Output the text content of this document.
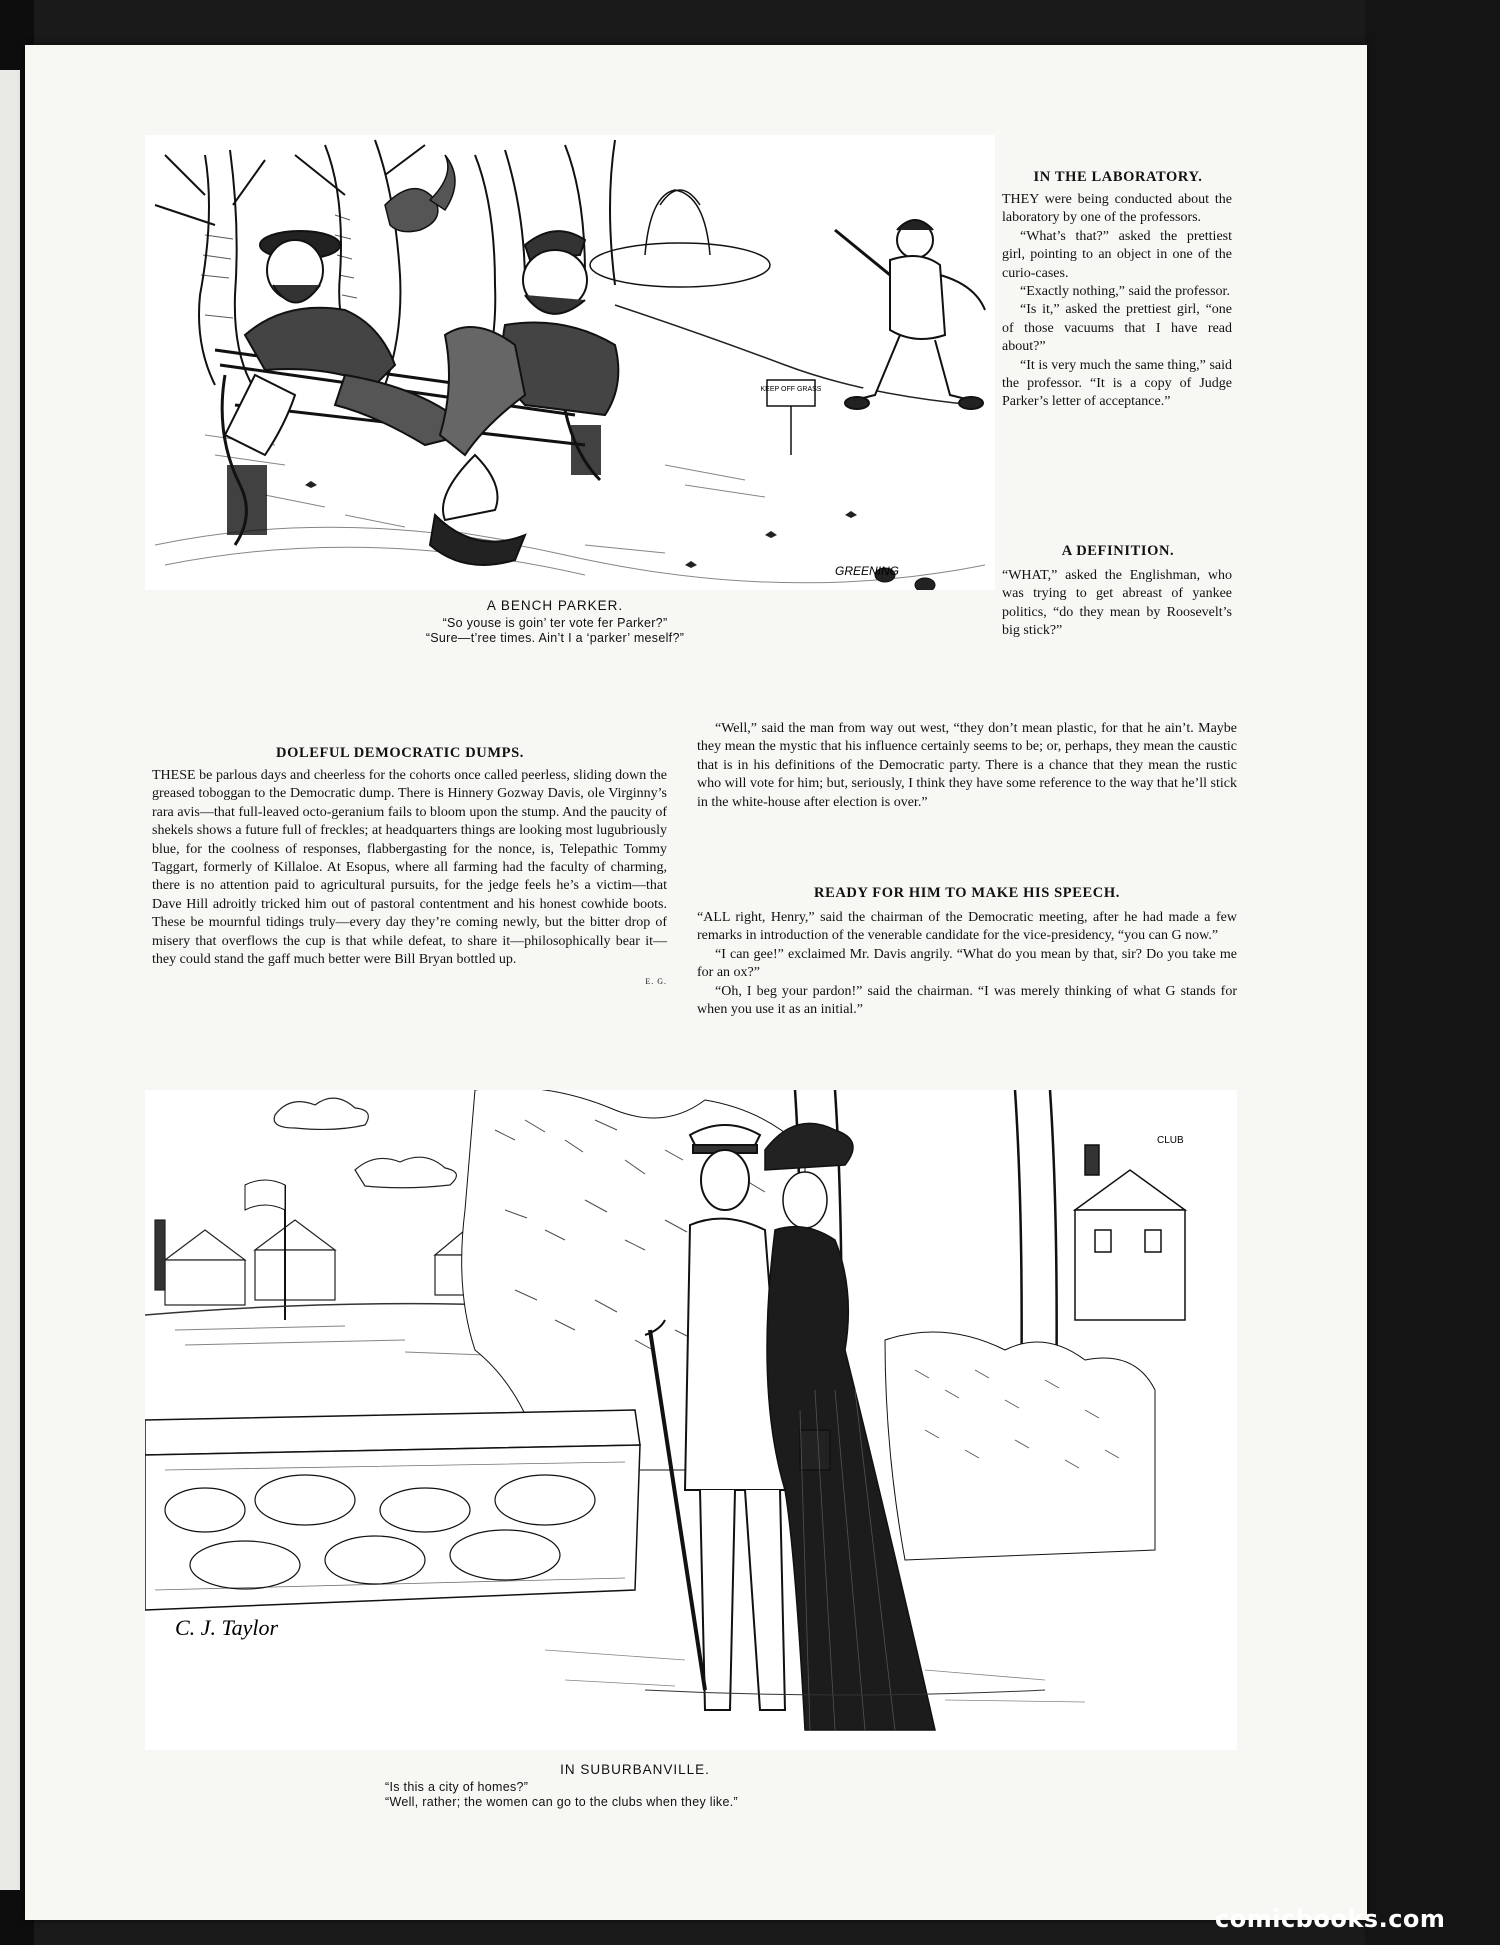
KEEP OFF GRASS
GREENING
A BENCH PARKER.
“So youse is goin’ ter vote fer Parker?”
“Sure—t’ree times. Ain’t I a ‘parker’ meself?”
IN THE LABORATORY.

THEY were being conducted about the laboratory by one of the professors.

“What’s that?” asked the prettiest girl, pointing to an object in one of the curio-cases.

“Exactly nothing,” said the professor.

“Is it,” asked the prettiest girl, “one of those vacuums that I have read about?”

“It is very much the same thing,” said the professor. “It is a copy of Judge Parker’s letter of acceptance.”

A DEFINITION.

“WHAT,” asked the Englishman, who was trying to get abreast of yankee politics, “do they mean by Roosevelt’s big stick?”

DOLEFUL DEMOCRATIC DUMPS.

THESE be parlous days and cheerless for the cohorts once called peerless, sliding down the greased toboggan to the Democratic dump. There is Hinnery Gozway Davis, ole Virginny’s rara avis—that full-leaved octo-geranium fails to bloom upon the stump. And the paucity of shekels shows a future full of freckles; at headquarters things are looking most lugubriously blue, for the coolness of responses, flabbergasting for the nonce, is, Telepathic Tommy Taggart, formerly of Killaloe. At Esopus, where all farming had the faculty of charming, there is no attention paid to agricultural pursuits, for the jedge feels he’s a victim—that Dave Hill adroitly tricked him out of pastoral contentment and his honest cowhide boots. These be mournful tidings truly—every day they’re coming newly, but the bitter drop of misery that overflows the cup is that while defeat, to share it—philosophically bear it—they could stand the gaff much better were Bill Bryan bottled up.

E. G.

“Well,” said the man from way out west, “they don’t mean plastic, for that he ain’t. Maybe they mean the mystic that his influence certainly seems to be; or, perhaps, they mean the caustic that is in his definitions of the Democratic party. There is a chance that they mean the rustic who will vote for him; but, seriously, I think they have some reference to the way that he’ll stick in the white-house after election is over.”

READY FOR HIM TO MAKE HIS SPEECH.

“ALL right, Henry,” said the chairman of the Democratic meeting, after he had made a few remarks in introduction of the venerable candidate for the vice-presidency, “you can G now.”

“I can gee!” exclaimed Mr. Davis angrily. “What do you mean by that, sir? Do you take me for an ox?”

“Oh, I beg your pardon!” said the chairman. “I was merely thinking of what G stands for when you use it as an initial.”

CLUB
C. J. Taylor
IN SUBURBANVILLE.
“Is this a city of homes?”
“Well, rather; the women can go to the clubs when they like.”
comicbooks.com
